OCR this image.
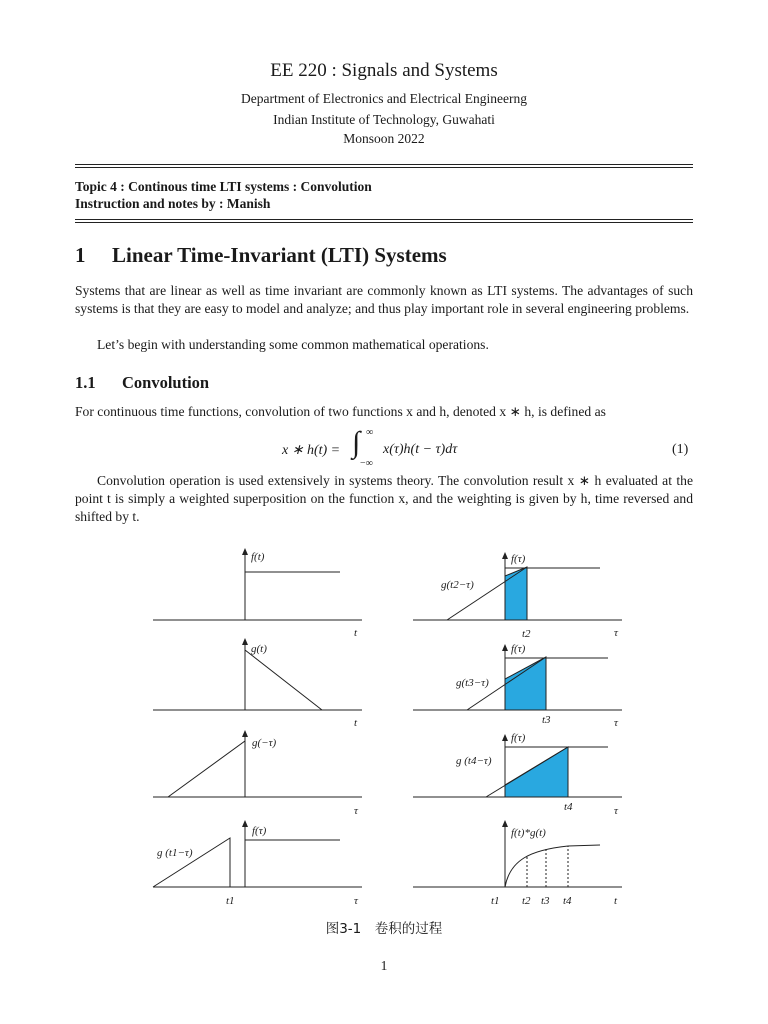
EE 220 : Signals and Systems
Department of Electronics and Electrical Engineerng
Indian Institute of Technology, Guwahati
Monsoon 2022
Topic 4 : Continous time LTI systems : Convolution
Instruction and notes by : Manish
1 Linear Time-Invariant (LTI) Systems
Systems that are linear as well as time invariant are commonly known as LTI systems. The advantages of such systems is that they are easy to model and analyze; and thus play important role in several engineering problems.
Let’s begin with understanding some common mathematical operations.
1.1 Convolution
For continuous time functions, convolution of two functions x and h, denoted x ∗ h, is defined as
x ∗ h(t) = ∫ ∞
−∞
x(τ)h(t − τ)dτ	(1)
Convolution operation is used extensively in systems theory. The convolution result x ∗ h evaluated at the point t is simply a weighted superposition on the function x, and the weighting is given by h, time reversed and shifted by t.
f(t)
t
g(t)
t
g(−τ)
τ
f(τ)
g (t1−τ)
t1	τ
f(τ)
g(t2−τ)
t2	τ
f(τ)
g(t3−τ)
t3	τ
f(τ)
g (t4−τ)
t4	τ
f(t)*g(t)
t1 t2 t3 t4	t
图3-1　卷积的过程
1
